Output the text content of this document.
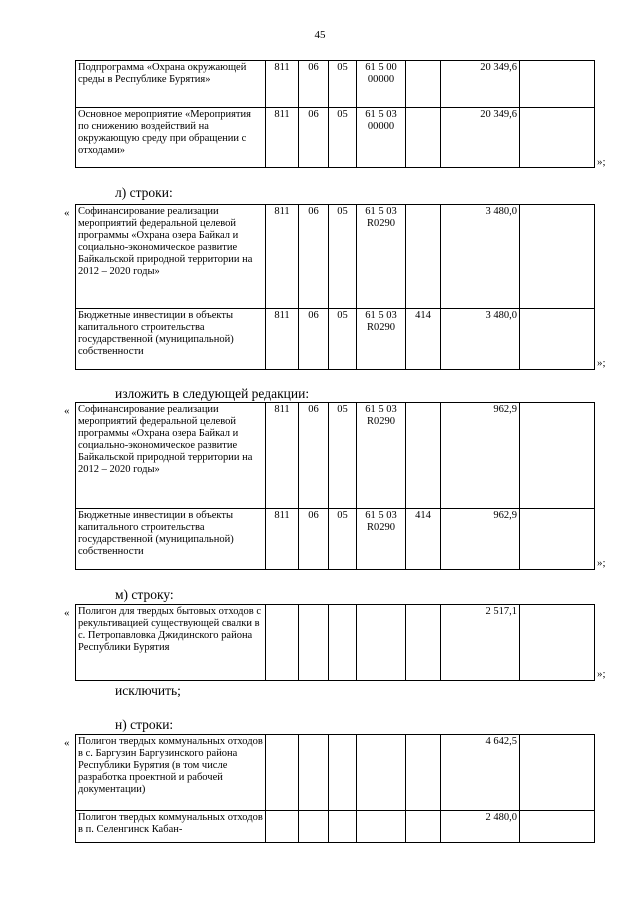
45
Подпрограмма «Охрана окружающей среды в Республике Бурятия»	811	06	05	61 5 00 00000		20 349,6	
Основное мероприятие «Мероприятия по снижению воздействий на окружающую среду при обращении с отходами»	811	06	05	61 5 03 00000		20 349,6	
»;
л) строки:
« Софинансирование реализации мероприятий федеральной целевой программы «Охрана озера Байкал и социально-экономическое развитие Байкальской природной территории на 2012 – 2020 годы»	811	06	05	61 5 03 R0290		3 480,0	
Бюджетные инвестиции в объекты капитального строительства государственной (муниципальной) собственности	811	06	05	61 5 03 R0290	414	3 480,0	
»;
изложить в следующей редакции:
« Софинансирование реализации мероприятий федеральной целевой программы «Охрана озера Байкал и социально-экономическое развитие Байкальской природной территории на 2012 – 2020 годы»	811	06	05	61 5 03 R0290		962,9	
Бюджетные инвестиции в объекты капитального строительства государственной (муниципальной) собственности	811	06	05	61 5 03 R0290	414	962,9	
»;
м) строку:
« Полигон для твердых бытовых отходов с рекультивацией существующей свалки в с. Петропавловка Джидинского района Республики Бурятия						2 517,1	
»;
исключить;
н) строки:
« Полигон твердых коммунальных отходов в с. Баргузин Баргузинского района Республики Бурятия (в том числе разработка проектной и рабочей документации)						4 642,5	
Полигон твердых коммунальных отходов в п. Селенгинск Кабан-						2 480,0	
